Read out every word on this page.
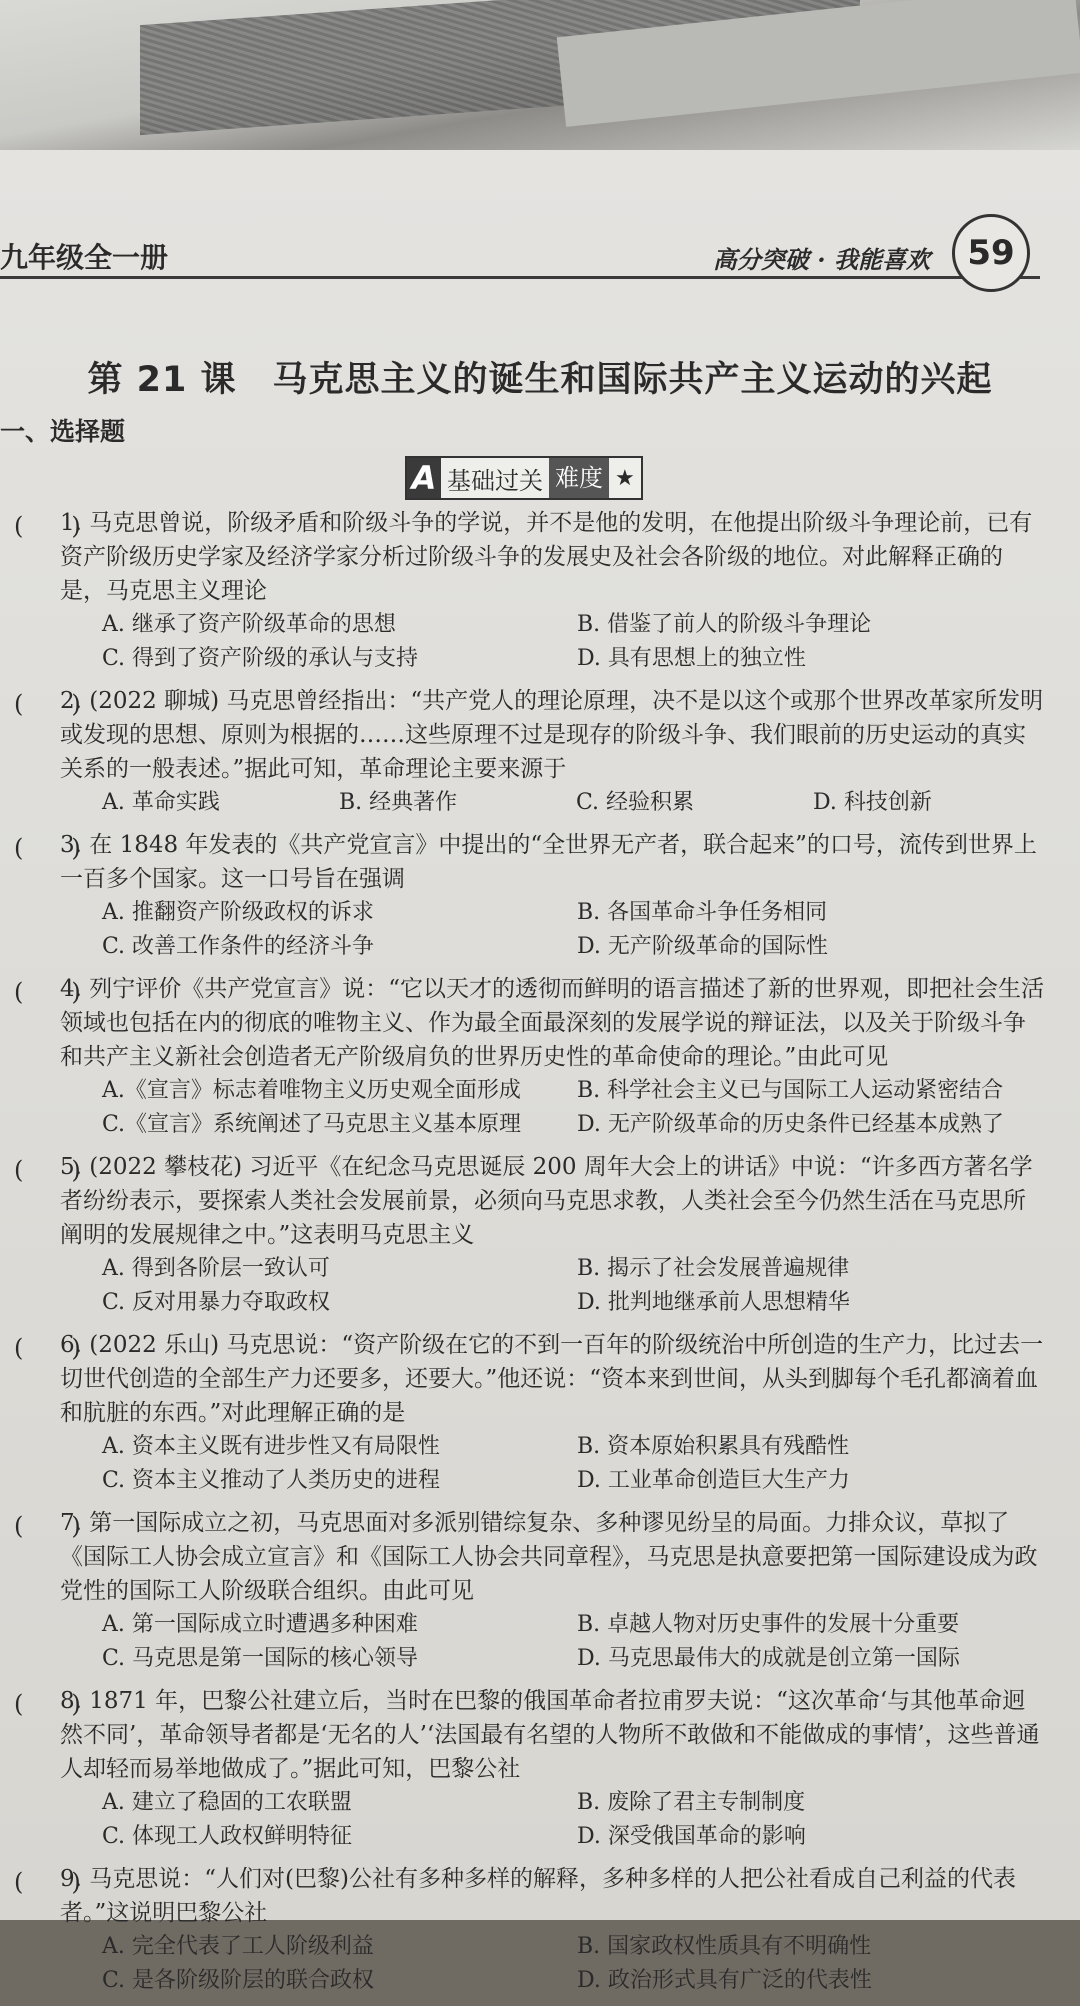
九年级全一册	高分突破 · 我能喜欢	59
第 21 课　马克思主义的诞生和国际共产主义运动的兴起
一、选择题
A 基础过关 难度 ★
(　　)
1. 马克思曾说，阶级矛盾和阶级斗争的学说，并不是他的发明，在他提出阶级斗争理论前，已有资产阶级历史学家及经济学家分析过阶级斗争的发展史及社会各阶级的地位。对此解释正确的是，马克思主义理论
A. 继承了资产阶级革命的思想	B. 借鉴了前人的阶级斗争理论
C. 得到了资产阶级的承认与支持	D. 具有思想上的独立性
(　　)
2. (2022 聊城) 马克思曾经指出：“共产党人的理论原理，决不是以这个或那个世界改革家所发明或发现的思想、原则为根据的……这些原理不过是现存的阶级斗争、我们眼前的历史运动的真实关系的一般表述。”据此可知，革命理论主要来源于
A. 革命实践	B. 经典著作	C. 经验积累	D. 科技创新
(　　)
3. 在 1848 年发表的《共产党宣言》中提出的“全世界无产者，联合起来”的口号，流传到世界上一百多个国家。这一口号旨在强调
A. 推翻资产阶级政权的诉求	B. 各国革命斗争任务相同
C. 改善工作条件的经济斗争	D. 无产阶级革命的国际性
(　　)
4. 列宁评价《共产党宣言》说：“它以天才的透彻而鲜明的语言描述了新的世界观，即把社会生活领域也包括在内的彻底的唯物主义、作为最全面最深刻的发展学说的辩证法，以及关于阶级斗争和共产主义新社会创造者无产阶级肩负的世界历史性的革命使命的理论。”由此可见
A.《宣言》标志着唯物主义历史观全面形成	B. 科学社会主义已与国际工人运动紧密结合
C.《宣言》系统阐述了马克思主义基本原理	D. 无产阶级革命的历史条件已经基本成熟了
(　　)
5. (2022 攀枝花) 习近平《在纪念马克思诞辰 200 周年大会上的讲话》中说：“许多西方著名学者纷纷表示，要探索人类社会发展前景，必须向马克思求教，人类社会至今仍然生活在马克思所阐明的发展规律之中。”这表明马克思主义
A. 得到各阶层一致认可	B. 揭示了社会发展普遍规律
C. 反对用暴力夺取政权	D. 批判地继承前人思想精华
(　　)
6. (2022 乐山) 马克思说：“资产阶级在它的不到一百年的阶级统治中所创造的生产力，比过去一切世代创造的全部生产力还要多，还要大。”他还说：“资本来到世间，从头到脚每个毛孔都滴着血和肮脏的东西。”对此理解正确的是
A. 资本主义既有进步性又有局限性	B. 资本原始积累具有残酷性
C. 资本主义推动了人类历史的进程	D. 工业革命创造巨大生产力
(　　)
7. 第一国际成立之初，马克思面对多派别错综复杂、多种谬见纷呈的局面。力排众议，草拟了《国际工人协会成立宣言》和《国际工人协会共同章程》，马克思是执意要把第一国际建设成为政党性的国际工人阶级联合组织。由此可见
A. 第一国际成立时遭遇多种困难	B. 卓越人物对历史事件的发展十分重要
C. 马克思是第一国际的核心领导	D. 马克思最伟大的成就是创立第一国际
(　　)
8. 1871 年，巴黎公社建立后，当时在巴黎的俄国革命者拉甫罗夫说：“这次革命‘与其他革命迥然不同’，革命领导者都是‘无名的人’‘法国最有名望的人物所不敢做和不能做成的事情’，这些普通人却轻而易举地做成了。”据此可知，巴黎公社
A. 建立了稳固的工农联盟	B. 废除了君主专制制度
C. 体现工人政权鲜明特征	D. 深受俄国革命的影响
(　　)
9. 马克思说：“人们对(巴黎)公社有多种多样的解释，多种多样的人把公社看成自己利益的代表者。”这说明巴黎公社
A. 完全代表了工人阶级利益	B. 国家政权性质具有不明确性
C. 是各阶级阶层的联合政权	D. 政治形式具有广泛的代表性
